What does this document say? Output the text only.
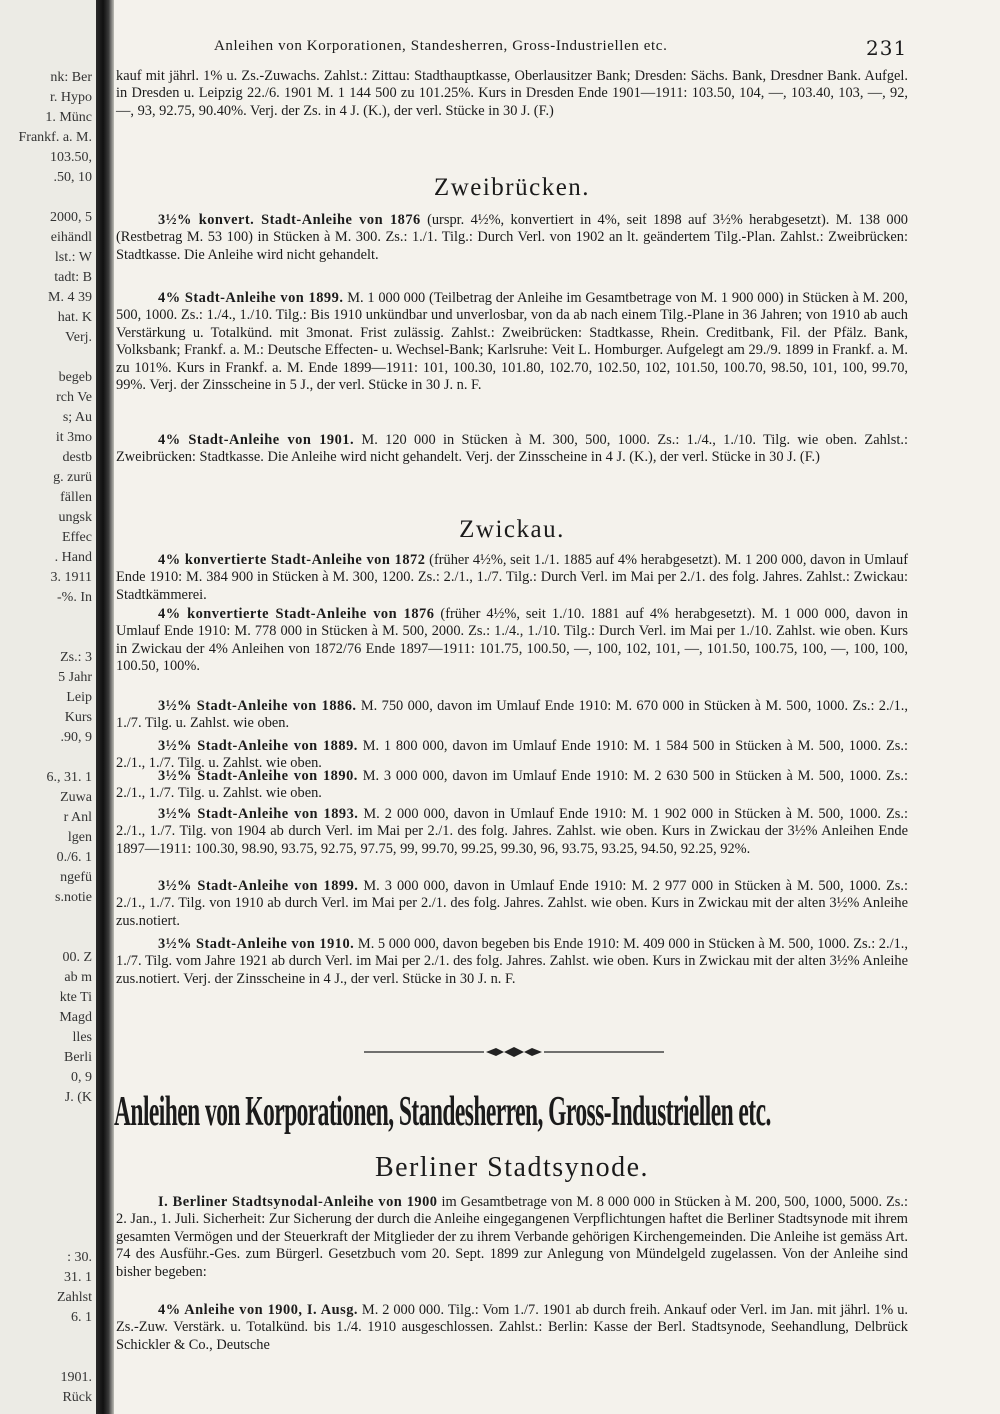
nk: Ber
r. Hypo
1. Münc
Frankf. a. M.
103.50,
.50, 10
2000, 5
eihändl
lst.: W
tadt: B
M. 4 39
hat. K
Verj.
begeb
rch Ve
s; Au
it 3mo
destb
g. zurü
fällen
ungsk
Effec
. Hand
3. 1911
-%. In
Zs.: 3
5 Jahr
Leip
Kurs
.90, 9
6., 31. 1
Zuwa
r Anl
lgen
0./6. 1
ngefü
s.notie
00. Z
ab m
kte Ti
Magd
lles
Berli
0, 9
J. (K
: 30.
31. 1
Zahlst
6. 1
1901.
Rück
Anleihen von Korporationen, Standesherren, Gross-Industriellen etc.	231
kauf mit jährl. 1% u. Zs.-Zuwachs. Zahlst.: Zittau: Stadthauptkasse, Oberlausitzer Bank; Dresden: Sächs. Bank, Dresdner Bank. Aufgel. in Dresden u. Leipzig 22./6. 1901 M. 1 144 500 zu 101.25%. Kurs in Dresden Ende 1901—1911: 103.50, 104, —, 103.40, 103, —, 92, —, 93, 92.75, 90.40%. Verj. der Zs. in 4 J. (K.), der verl. Stücke in 30 J. (F.)
Zweibrücken.
3½% konvert. Stadt-Anleihe von 1876 (urspr. 4½%, konvertiert in 4%, seit 1898 auf 3½% herabgesetzt). M. 138 000 (Restbetrag M. 53 100) in Stücken à M. 300. Zs.: 1./1. Tilg.: Durch Verl. von 1902 an lt. geändertem Tilg.-Plan. Zahlst.: Zweibrücken: Stadtkasse. Die Anleihe wird nicht gehandelt.
4% Stadt-Anleihe von 1899. M. 1 000 000 (Teilbetrag der Anleihe im Gesamtbetrage von M. 1 900 000) in Stücken à M. 200, 500, 1000. Zs.: 1./4., 1./10. Tilg.: Bis 1910 unkündbar und unverlosbar, von da ab nach einem Tilg.-Plane in 36 Jahren; von 1910 ab auch Verstärkung u. Totalkünd. mit 3monat. Frist zulässig. Zahlst.: Zweibrücken: Stadtkasse, Rhein. Creditbank, Fil. der Pfälz. Bank, Volksbank; Frankf. a. M.: Deutsche Effecten- u. Wechsel-Bank; Karlsruhe: Veit L. Homburger. Aufgelegt am 29./9. 1899 in Frankf. a. M. zu 101%. Kurs in Frankf. a. M. Ende 1899—1911: 101, 100.30, 101.80, 102.70, 102.50, 102, 101.50, 100.70, 98.50, 101, 100, 99.70, 99%. Verj. der Zinsscheine in 5 J., der verl. Stücke in 30 J. n. F.
4% Stadt-Anleihe von 1901. M. 120 000 in Stücken à M. 300, 500, 1000. Zs.: 1./4., 1./10. Tilg. wie oben. Zahlst.: Zweibrücken: Stadtkasse. Die Anleihe wird nicht gehandelt. Verj. der Zinsscheine in 4 J. (K.), der verl. Stücke in 30 J. (F.)
Zwickau.
4% konvertierte Stadt-Anleihe von 1872 (früher 4½%, seit 1./1. 1885 auf 4% herabgesetzt). M. 1 200 000, davon in Umlauf Ende 1910: M. 384 900 in Stücken à M. 300, 1200. Zs.: 2./1., 1./7. Tilg.: Durch Verl. im Mai per 2./1. des folg. Jahres. Zahlst.: Zwickau: Stadtkämmerei.
4% konvertierte Stadt-Anleihe von 1876 (früher 4½%, seit 1./10. 1881 auf 4% herabgesetzt). M. 1 000 000, davon in Umlauf Ende 1910: M. 778 000 in Stücken à M. 500, 2000. Zs.: 1./4., 1./10. Tilg.: Durch Verl. im Mai per 1./10. Zahlst. wie oben. Kurs in Zwickau der 4% Anleihen von 1872/76 Ende 1897—1911: 101.75, 100.50, —, 100, 102, 101, —, 101.50, 100.75, 100, —, 100, 100, 100.50, 100%.
3½% Stadt-Anleihe von 1886. M. 750 000, davon im Umlauf Ende 1910: M. 670 000 in Stücken à M. 500, 1000. Zs.: 2./1., 1./7. Tilg. u. Zahlst. wie oben.
3½% Stadt-Anleihe von 1889. M. 1 800 000, davon im Umlauf Ende 1910: M. 1 584 500 in Stücken à M. 500, 1000. Zs.: 2./1., 1./7. Tilg. u. Zahlst. wie oben.
3½% Stadt-Anleihe von 1890. M. 3 000 000, davon im Umlauf Ende 1910: M. 2 630 500 in Stücken à M. 500, 1000. Zs.: 2./1., 1./7. Tilg. u. Zahlst. wie oben.
3½% Stadt-Anleihe von 1893. M. 2 000 000, davon in Umlauf Ende 1910: M. 1 902 000 in Stücken à M. 500, 1000. Zs.: 2./1., 1./7. Tilg. von 1904 ab durch Verl. im Mai per 2./1. des folg. Jahres. Zahlst. wie oben. Kurs in Zwickau der 3½% Anleihen Ende 1897—1911: 100.30, 98.90, 93.75, 92.75, 97.75, 99, 99.70, 99.25, 99.30, 96, 93.75, 93.25, 94.50, 92.25, 92%.
3½% Stadt-Anleihe von 1899. M. 3 000 000, davon in Umlauf Ende 1910: M. 2 977 000 in Stücken à M. 500, 1000. Zs.: 2./1., 1./7. Tilg. von 1910 ab durch Verl. im Mai per 2./1. des folg. Jahres. Zahlst. wie oben. Kurs in Zwickau mit der alten 3½% Anleihe zus.notiert.
3½% Stadt-Anleihe von 1910. M. 5 000 000, davon begeben bis Ende 1910: M. 409 000 in Stücken à M. 500, 1000. Zs.: 2./1., 1./7. Tilg. vom Jahre 1921 ab durch Verl. im Mai per 2./1. des folg. Jahres. Zahlst. wie oben. Kurs in Zwickau mit der alten 3½% Anleihe zus.notiert. Verj. der Zinsscheine in 4 J., der verl. Stücke in 30 J. n. F.
Anleihen von Korporationen, Standesherren, Gross-Industriellen etc.
Berliner Stadtsynode.
I. Berliner Stadtsynodal-Anleihe von 1900 im Gesamtbetrage von M. 8 000 000 in Stücken à M. 200, 500, 1000, 5000. Zs.: 2. Jan., 1. Juli. Sicherheit: Zur Sicherung der durch die Anleihe eingegangenen Verpflichtungen haftet die Berliner Stadtsynode mit ihrem gesamten Vermögen und der Steuerkraft der Mitglieder der zu ihrem Verbande gehörigen Kirchengemeinden. Die Anleihe ist gemäss Art. 74 des Ausführ.-Ges. zum Bürgerl. Gesetzbuch vom 20. Sept. 1899 zur Anlegung von Mündelgeld zugelassen. Von der Anleihe sind bisher begeben:
4% Anleihe von 1900, I. Ausg. M. 2 000 000. Tilg.: Vom 1./7. 1901 ab durch freih. Ankauf oder Verl. im Jan. mit jährl. 1% u. Zs.-Zuw. Verstärk. u. Totalkünd. bis 1./4. 1910 ausgeschlossen. Zahlst.: Berlin: Kasse der Berl. Stadtsynode, Seehandlung, Delbrück Schickler & Co., Deutsche
